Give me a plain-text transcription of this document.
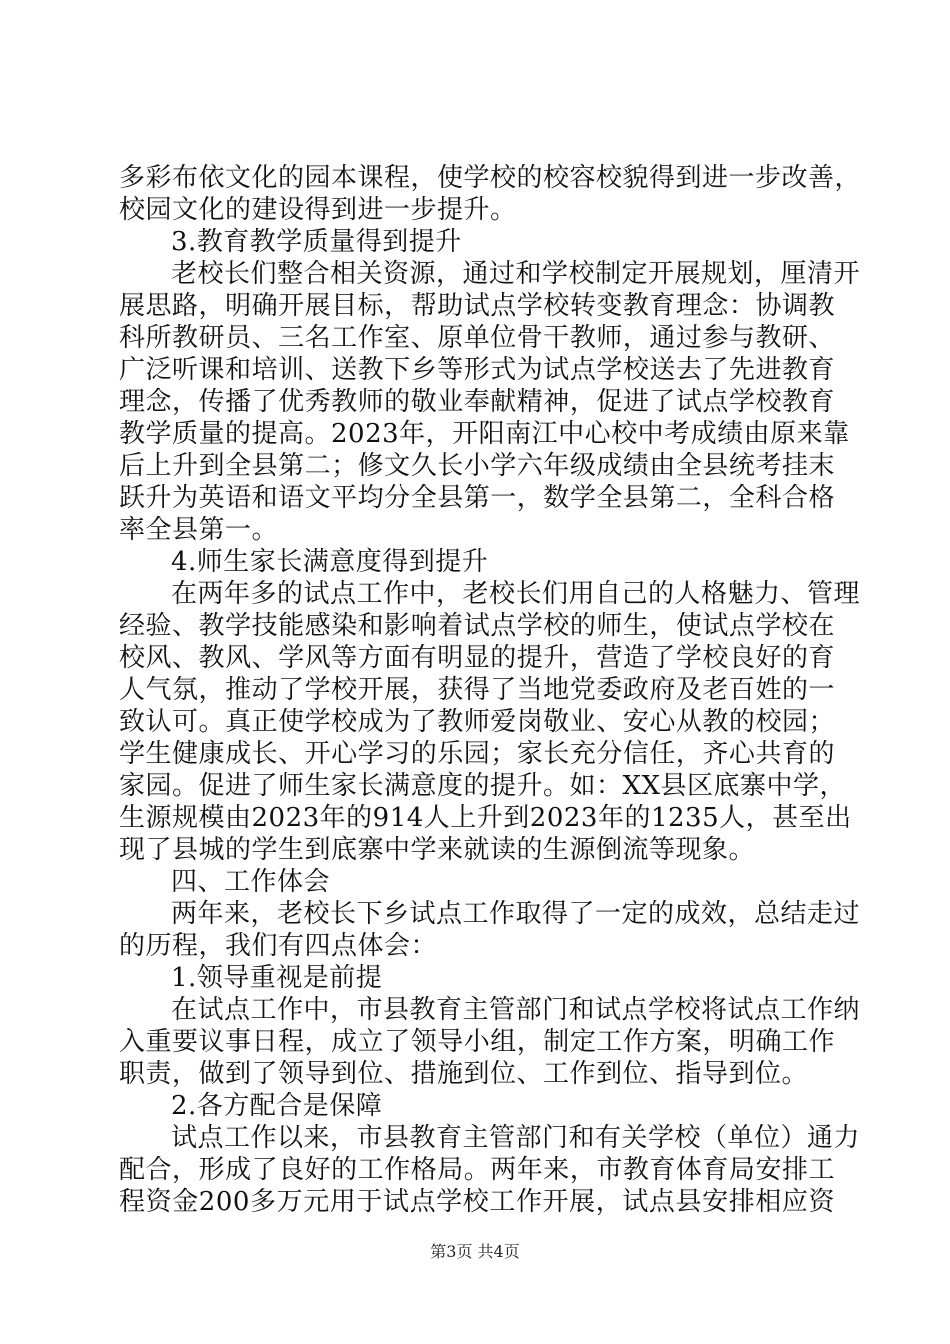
多彩布依文化的园本课程，使学校的校容校貌得到进一步改善，
校园文化的建设得到进一步提升。
3.教育教学质量得到提升
老校长们整合相关资源，通过和学校制定开展规划，厘清开
展思路，明确开展目标，帮助试点学校转变教育理念：协调教
科所教研员、三名工作室、原单位骨干教师，通过参与教研、
广泛听课和培训、送教下乡等形式为试点学校送去了先进教育
理念，传播了优秀教师的敬业奉献精神，促进了试点学校教育
教学质量的提高。2023年，开阳南江中心校中考成绩由原来靠
后上升到全县第二；修文久长小学六年级成绩由全县统考挂末
跃升为英语和语文平均分全县第一，数学全县第二，全科合格
率全县第一。
4.师生家长满意度得到提升
在两年多的试点工作中，老校长们用自己的人格魅力、管理
经验、教学技能感染和影响着试点学校的师生，使试点学校在
校风、教风、学风等方面有明显的提升，营造了学校良好的育
人气氛，推动了学校开展，获得了当地党委政府及老百姓的一
致认可。真正使学校成为了教师爱岗敬业、安心从教的校园；
学生健康成长、开心学习的乐园；家长充分信任，齐心共育的
家园。促进了师生家长满意度的提升。如：XX县区底寨中学，
生源规模由2023年的914人上升到2023年的1235人，甚至出
现了县城的学生到底寨中学来就读的生源倒流等现象。
四、工作体会
两年来，老校长下乡试点工作取得了一定的成效，总结走过
的历程，我们有四点体会：
1.领导重视是前提
在试点工作中，市县教育主管部门和试点学校将试点工作纳
入重要议事日程，成立了领导小组，制定工作方案，明确工作
职责，做到了领导到位、措施到位、工作到位、指导到位。
2.各方配合是保障
试点工作以来，市县教育主管部门和有关学校（单位）通力
配合，形成了良好的工作格局。两年来，市教育体育局安排工
程资金200多万元用于试点学校工作开展，试点县安排相应资
第3页 共4页
